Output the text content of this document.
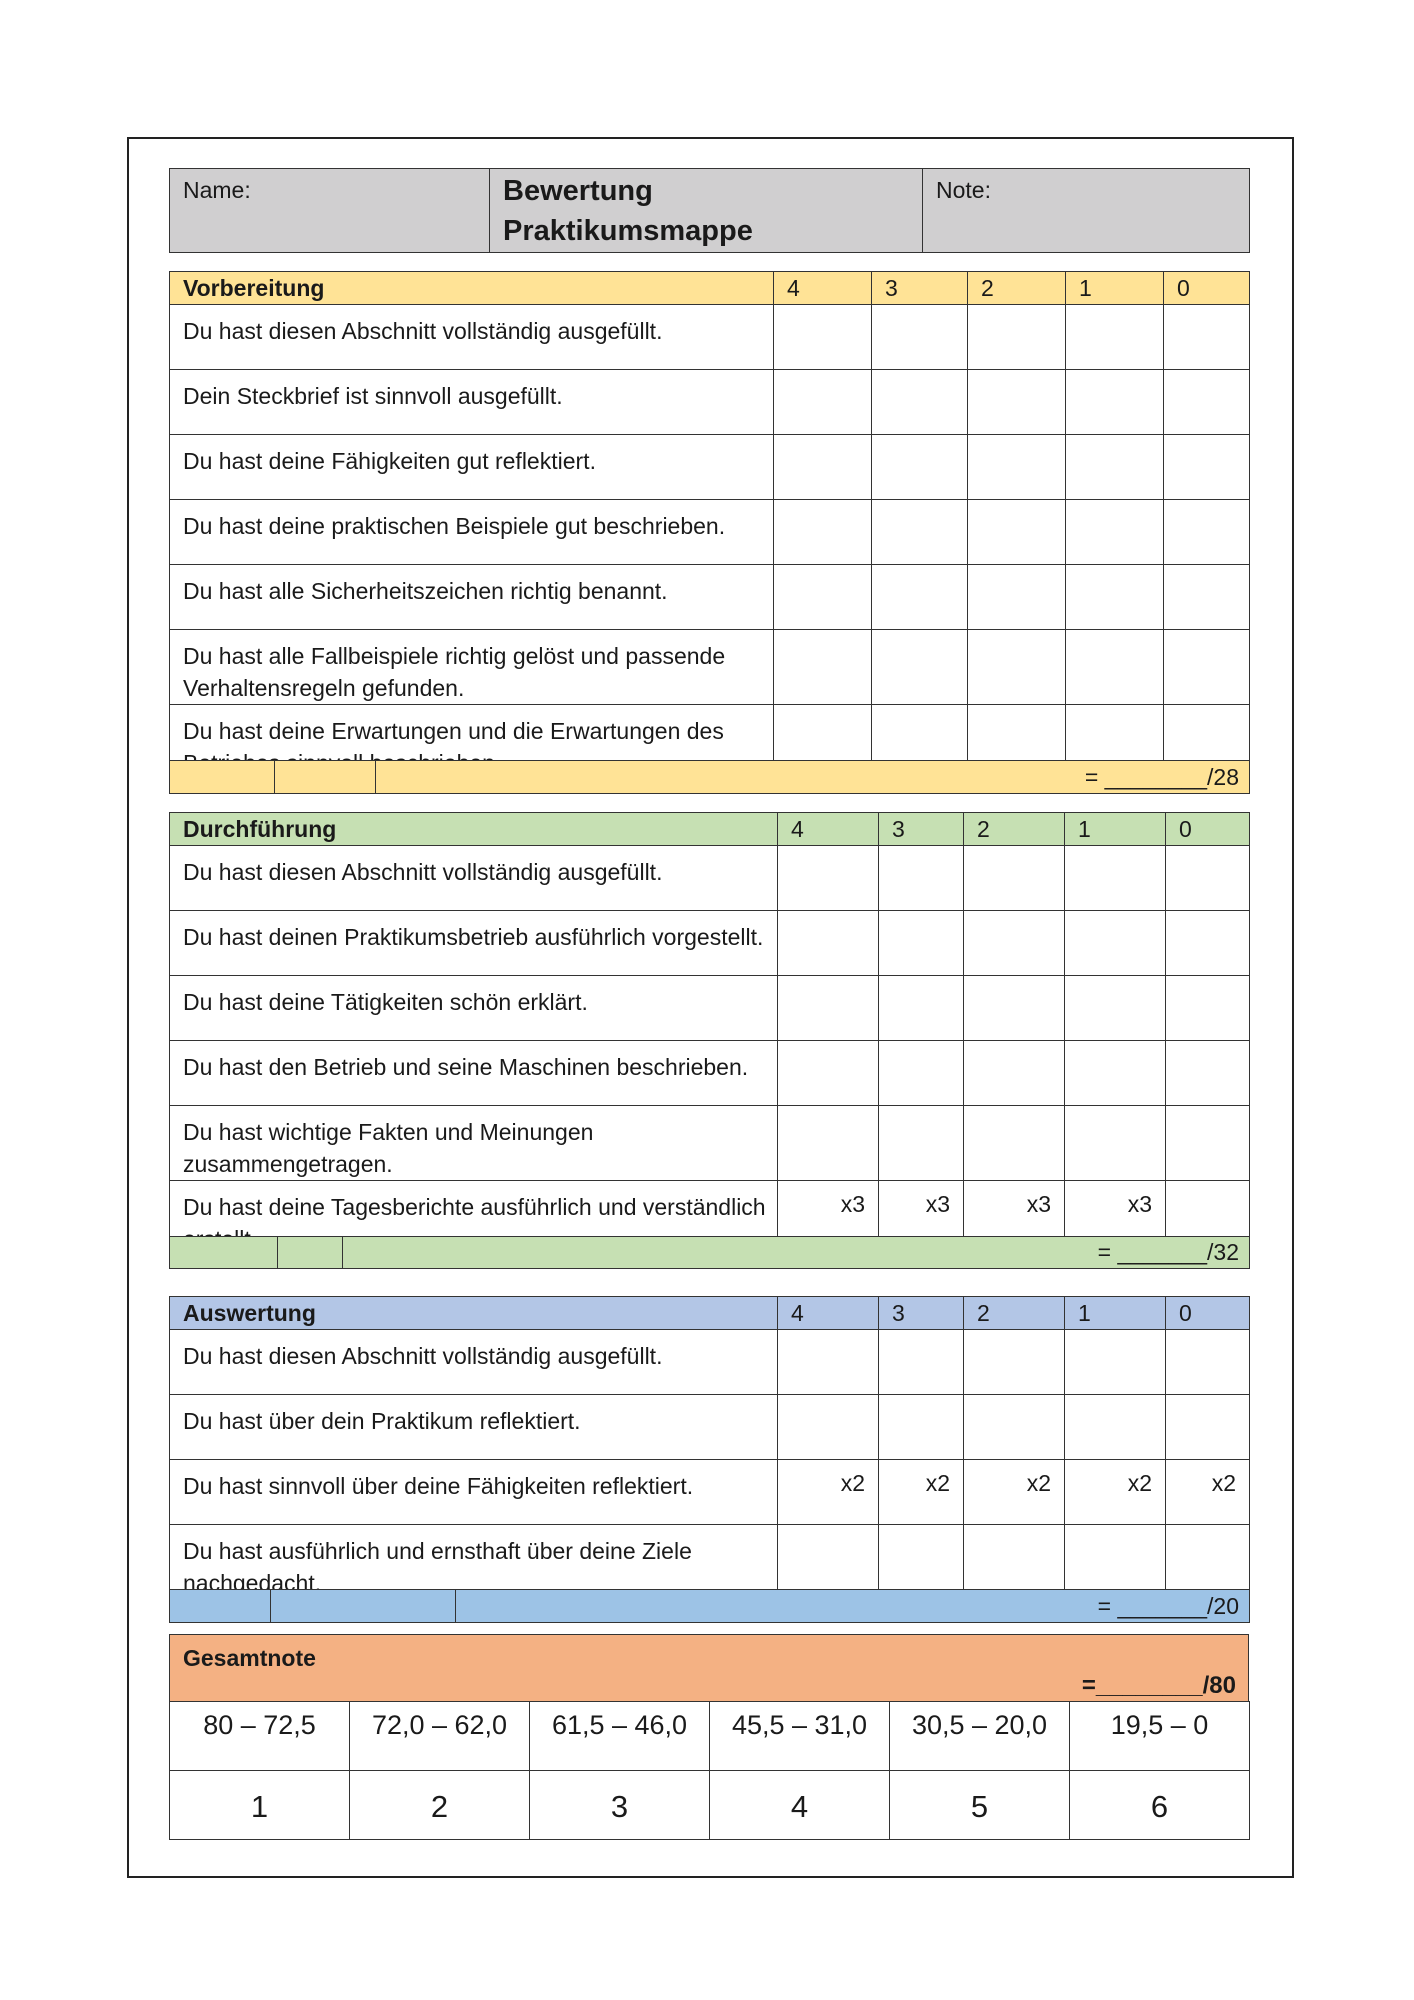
Name:	Bewertung
Praktikumsmappe
	Note:
Vorbereitung	4	3	2	1	0
Du hast diesen Abschnitt vollständig ausgefüllt.					
Dein Steckbrief ist sinnvoll ausgefüllt.					
Du hast deine Fähigkeiten gut reflektiert.					
Du hast deine praktischen Beispiele gut beschrieben.					
Du hast alle Sicherheitszeichen richtig benannt.					
Du hast alle Fallbeispiele richtig gelöst und passende Verhaltensregeln gefunden.					
Du hast deine Erwartungen und die Erwartungen des Betriebes sinnvoll beschrieben.					
		= ________/28
Durchführung	4	3	2	1	0
Du hast diesen Abschnitt vollständig ausgefüllt.					
Du hast deinen Praktikumsbetrieb ausführlich vorgestellt.					
Du hast deine Tätigkeiten schön erklärt.					
Du hast den Betrieb und seine Maschinen beschrieben.					
Du hast wichtige Fakten und Meinungen zusammengetragen.					
Du hast deine Tagesberichte ausführlich und verständlich erstellt.	x3	x3	x3	x3	
		= _______/32
Auswertung	4	3	2	1	0
Du hast diesen Abschnitt vollständig ausgefüllt.					
Du hast über dein Praktikum reflektiert.					
Du hast sinnvoll über deine Fähigkeiten reflektiert.	x2	x2	x2	x2	x2
Du hast ausführlich und ernsthaft über deine Ziele nachgedacht.					
		= _______/20
Gesamtnote
=________/80
80 – 72,5	72,0 – 62,0	61,5 – 46,0	45,5 – 31,0	30,5 – 20,0	19,5 – 0
1	2	3	4	5	6
